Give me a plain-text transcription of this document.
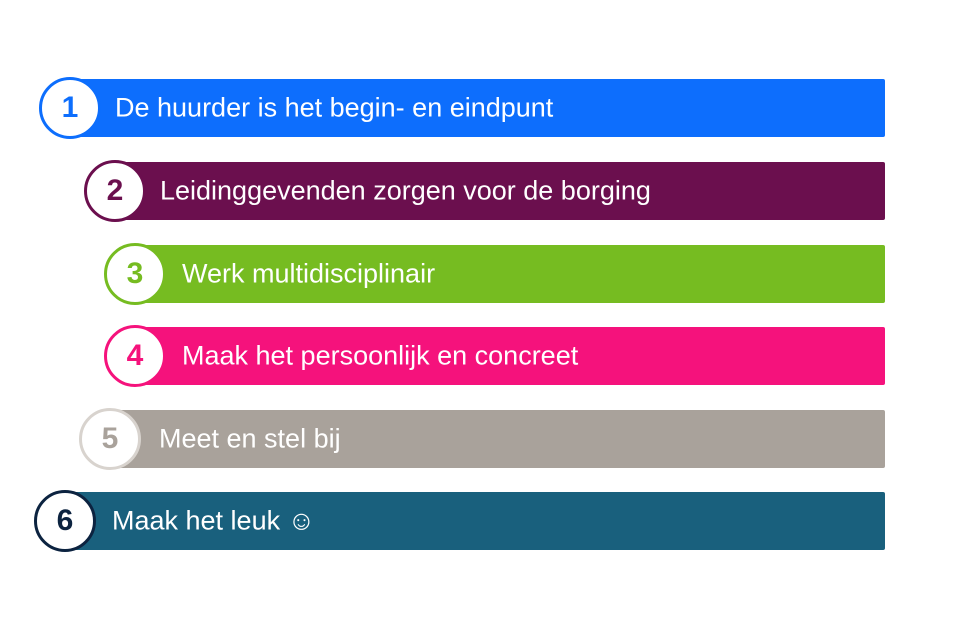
1 De huurder is het begin- en eindpunt
2 Leidinggevenden zorgen voor de borging
3 Werk multidisciplinair
4 Maak het persoonlijk en concreet
5 Meet en stel bij
6 Maak het leuk ☺
